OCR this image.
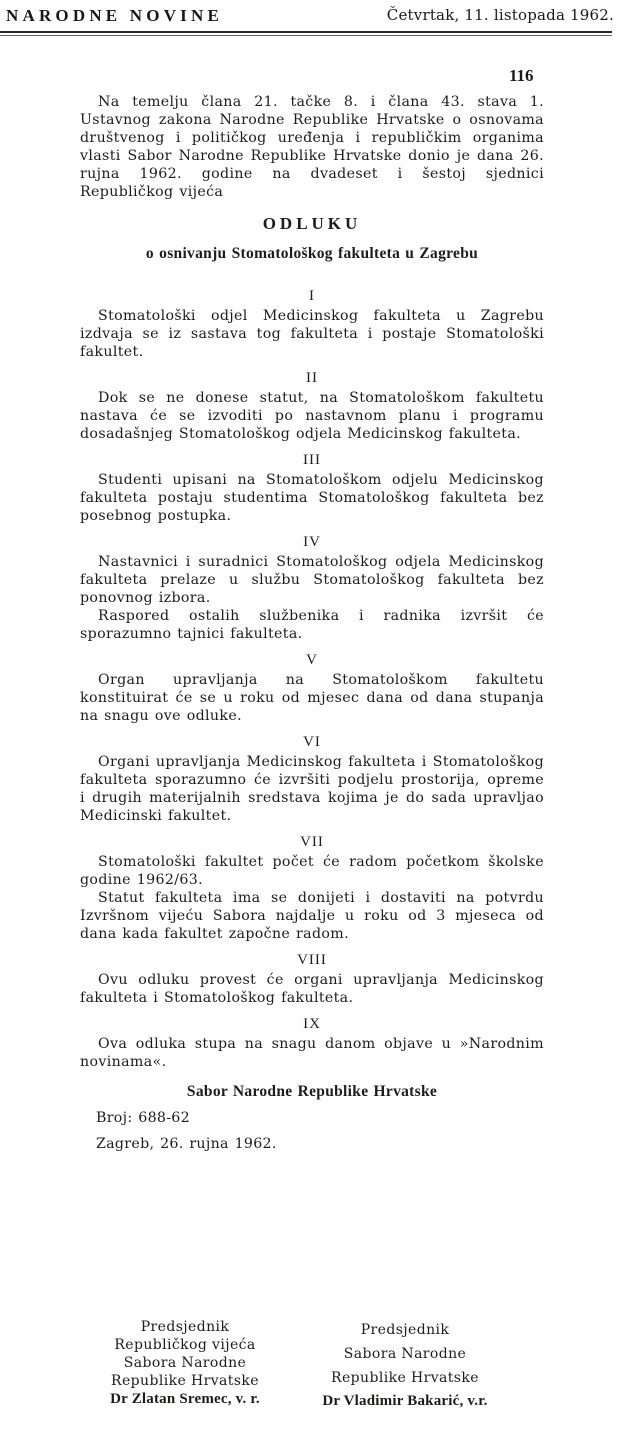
NARODNE NOVINE	Četvrtak, 11. listopada 1962.
116

Na temelju člana 21. tačke 8. i člana 43. stava 1. Ustavnog zakona Narodne Republike Hrvatske o osnovama društvenog i političkog uređenja i republičkim organima vlasti Sabor Narodne Republike Hrvatske donio je dana 26. rujna 1962. godine na dvadeset i šestoj sjednici Republičkog vijeća

ODLUKU
o osnivanju Stomatološkog fakulteta u Zagrebu
I

Stomatološki odjel Medicinskog fakulteta u Zagrebu izdvaja se iz sastava tog fakulteta i postaje Stomatološki fakultet.

II

Dok se ne donese statut, na Stomatološkom fakultetu nastava će se izvoditi po nastavnom planu i programu dosadašnjeg Stomatološkog odjela Medicinskog fakulteta.

III

Studenti upisani na Stomatološkom odjelu Medicinskog fakulteta postaju studentima Stomatološkog fakulteta bez posebnog postupka.

IV

Nastavnici i suradnici Stomatološkog odjela Medicinskog fakulteta prelaze u službu Stomatološkog fakulteta bez ponovnog izbora.

Raspored ostalih službenika i radnika izvršit će sporazumno tajnici fakulteta.

V

Organ upravljanja na Stomatološkom fakultetu konstituirat će se u roku od mjesec dana od dana stupanja na snagu ove odluke.

VI

Organi upravljanja Medicinskog fakulteta i Stomatološkog fakulteta sporazumno će izvršiti podjelu prostorija, opreme i drugih materijalnih sredstava kojima je do sada upravljao Medicinski fakultet.

VII

Stomatološki fakultet počet će radom početkom školske godine 1962/63.

Statut fakulteta ima se donijeti i dostaviti na potvrdu Izvršnom vijeću Sabora najdalje u roku od 3 mjeseca od dana kada fakultet započne radom.

VIII

Ovu odluku provest će organi upravljanja Medicinskog fakulteta i Stomatološkog fakulteta.

IX

Ova odluka stupa na snagu danom objave u »Narodnim novinama«.

Sabor Narodne Republike Hrvatske
Broj: 688-62
Zagreb, 26. rujna 1962.
Predsjednik
Republičkog vijeća
Sabora Narodne
Republike Hrvatske
Dr Zlatan Sremec, v. r.
Predsjednik
Sabora Narodne
Republike Hrvatske
Dr Vladimir Bakarić, v.r.
